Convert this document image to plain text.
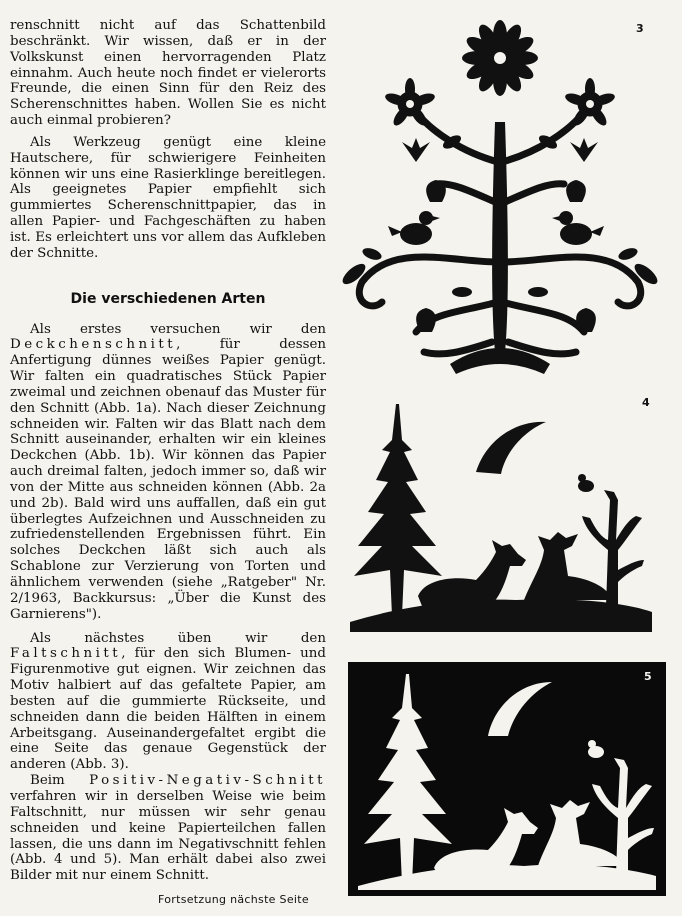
renschnitt nicht auf das Schattenbild beschränkt. Wir wissen, daß er in der Volkskunst einen hervorragenden Platz einnahm. Auch heute noch findet er vielerorts Freunde, die einen Sinn für den Reiz des Scherenschnittes haben. Wollen Sie es nicht auch einmal probieren?

Als Werkzeug genügt eine kleine Hautschere, für schwierigere Feinheiten können wir uns eine Rasierklinge bereitlegen. Als geeignetes Papier empfiehlt sich gummiertes Scherenschnittpapier, das in allen Papier- und Fachgeschäften zu haben ist. Es erleichtert uns vor allem das Aufkleben der Schnitte.

Die verschiedenen Arten

Als erstes versuchen wir den Deckchenschnitt, für dessen Anfertigung dünnes weißes Papier genügt. Wir falten ein quadratisches Stück Papier zweimal und zeichnen obenauf das Muster für den Schnitt (Abb. 1a). Nach dieser Zeichnung schneiden wir. Falten wir das Blatt nach dem Schnitt auseinander, erhalten wir ein kleines Deckchen (Abb. 1b). Wir können das Papier auch dreimal falten, jedoch immer so, daß wir von der Mitte aus schneiden können (Abb. 2a und 2b). Bald wird uns auffallen, daß ein gut überlegtes Aufzeichnen und Ausschneiden zu zufriedenstellenden Ergebnissen führt. Ein solches Deckchen läßt sich auch als Schablone zur Verzierung von Torten und ähnlichem verwenden (siehe „Ratgeber" Nr. 2/1963, Backkursus: „Über die Kunst des Garnierens").

Als nächstes üben wir den Faltschnitt, für den sich Blumen- und Figurenmotive gut eignen. Wir zeichnen das Motiv halbiert auf das gefaltete Papier, am besten auf die gummierte Rückseite, und schneiden dann die beiden Hälften in einem Arbeitsgang. Auseinandergefaltet ergibt die eine Seite das genaue Gegenstück der anderen (Abb. 3).

Beim Positiv-Negativ-Schnitt verfahren wir in derselben Weise wie beim Faltschnitt, nur müssen wir sehr genau schneiden und keine Papierteilchen fallen lassen, die uns dann im Negativschnitt fehlen (Abb. 4 und 5). Man erhält dabei also zwei Bilder mit nur einem Schnitt.

Fortsetzung nächste Seite
3
4
5
